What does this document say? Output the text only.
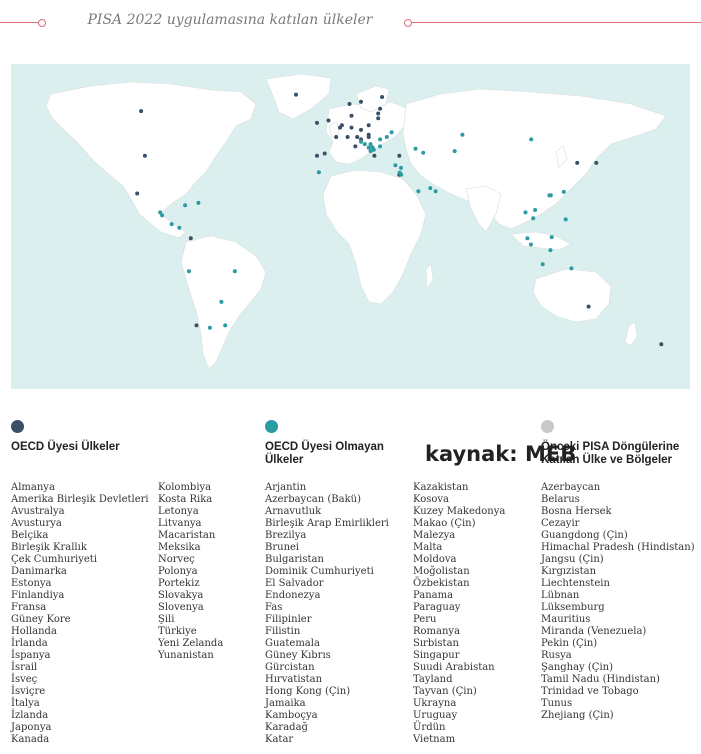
PISA 2022 uygulamasına katılan ülkeler
kaynak: MEB
OECD Üyesi Ülkeler
Almanya
Amerika Birleşik Devletleri
Avustralya
Avusturya
Belçika
Birleşik Krallık
Çek Cumhuriyeti
Danimarka
Estonya
Finlandiya
Fransa
Güney Kore
Hollanda
İrlanda
İspanya
İsrail
İsveç
İsviçre
İtalya
İzlanda
Japonya
Kanada
Kolombiya
Kosta Rika
Letonya
Litvanya
Macaristan
Meksika
Norveç
Polonya
Portekiz
Slovakya
Slovenya
Şili
Türkiye
Yeni Zelanda
Yunanistan
OECD Üyesi Olmayan Ülkeler
Arjantin
Azerbaycan (Bakü)
Arnavutluk
Birleşik Arap Emirlikleri
Brezilya
Brunei
Bulgaristan
Dominik Cumhuriyeti
El Salvador
Endonezya
Fas
Filipinler
Filistin
Guatemala
Güney Kıbrıs
Gürcistan
Hırvatistan
Hong Kong (Çin)
Jamaika
Kamboçya
Karadağ
Katar
Kazakistan
Kosova
Kuzey Makedonya
Makao (Çin)
Malezya
Malta
Moldova
Moğolistan
Özbekistan
Panama
Paraguay
Peru
Romanya
Sırbistan
Singapur
Suudi Arabistan
Tayland
Tayvan (Çin)
Ukrayna
Uruguay
Ürdün
Vietnam
Önceki PISA Döngülerine Katılan Ülke ve Bölgeler
Azerbaycan
Belarus
Bosna Hersek
Cezayir
Guangdong (Çin)
Himachal Pradesh (Hindistan)
Jangsu (Çin)
Kırgızistan
Liechtenstein
Lübnan
Lüksemburg
Mauritius
Miranda (Venezuela)
Pekin (Çin)
Rusya
Şanghay (Çin)
Tamil Nadu (Hindistan)
Trinidad ve Tobago
Tunus
Zhejiang (Çin)
